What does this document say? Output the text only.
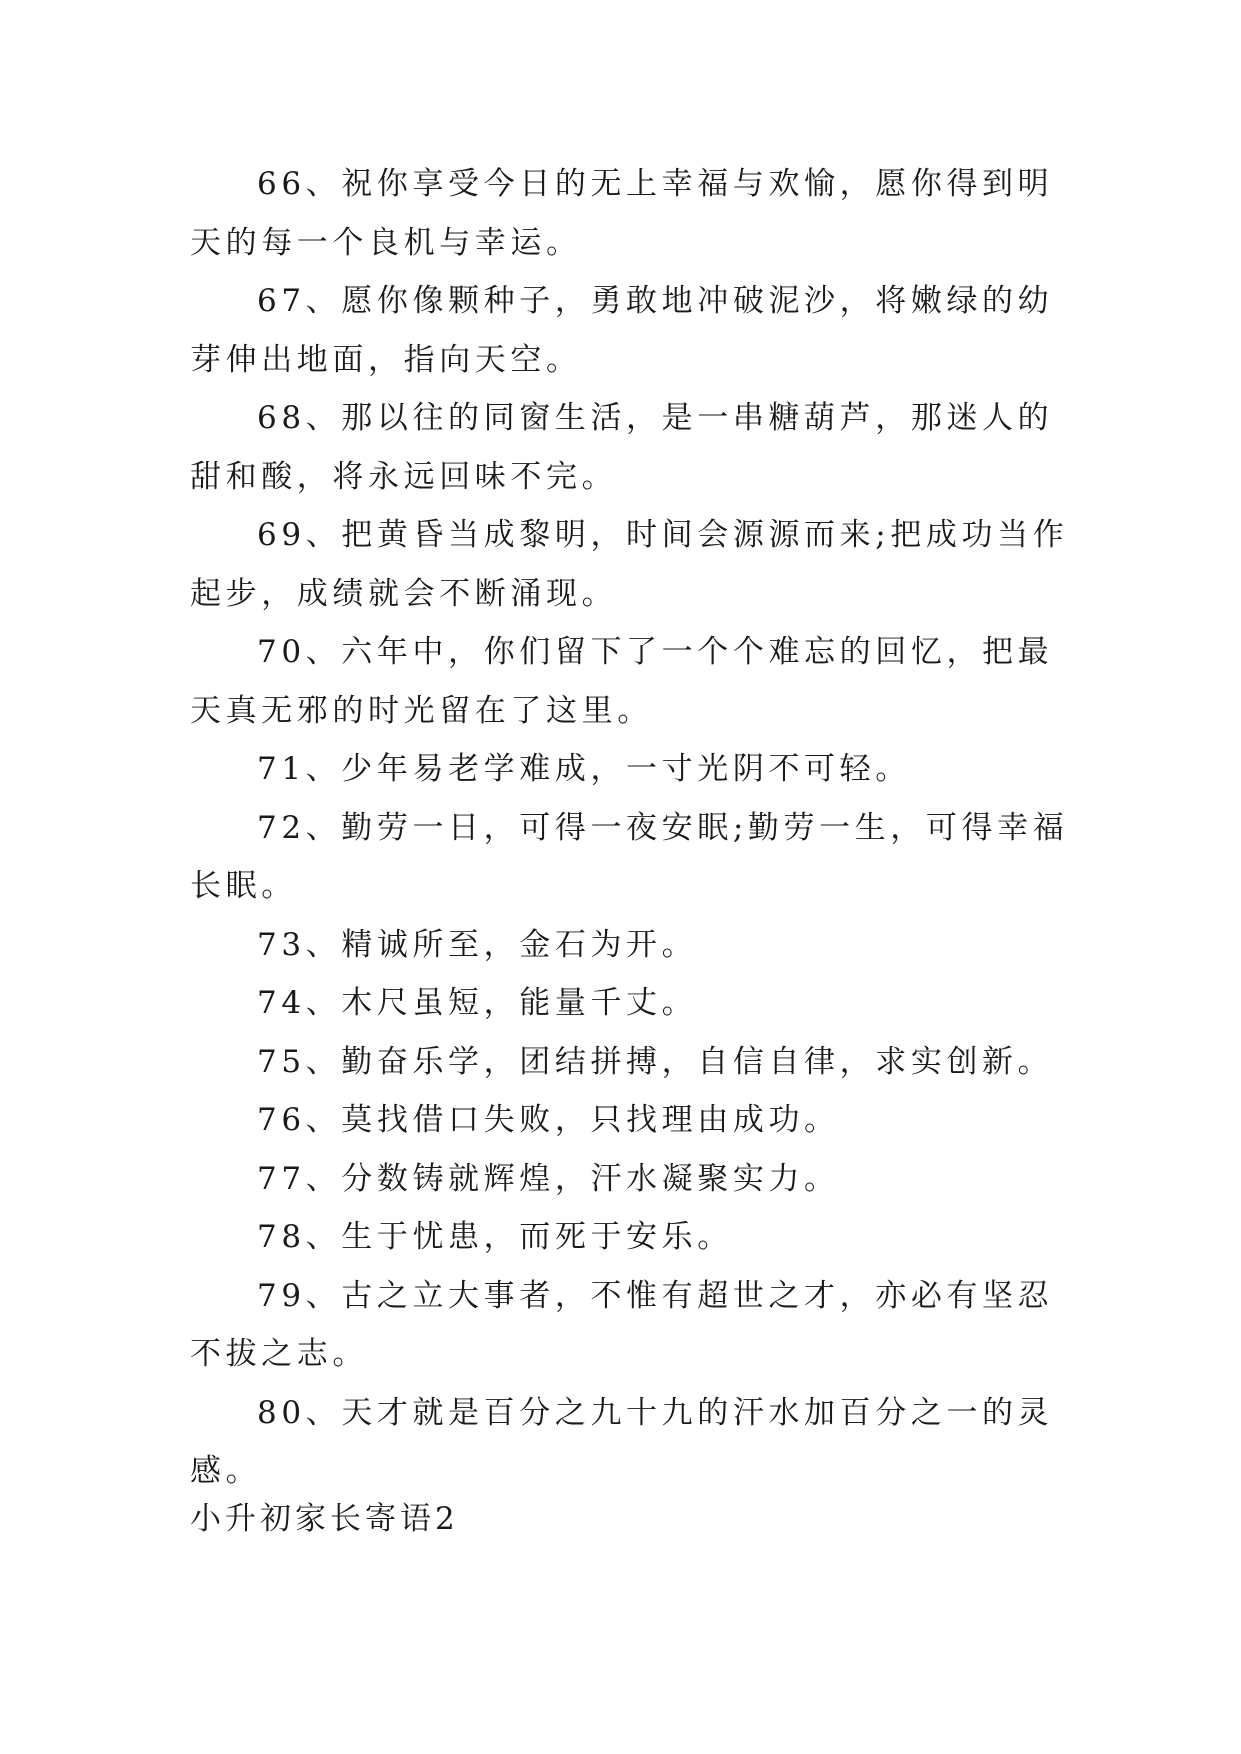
66、祝你享受今日的无上幸福与欢愉，愿你得到明天的每一个良机与幸运。

67、愿你像颗种子，勇敢地冲破泥沙，将嫩绿的幼芽伸出地面，指向天空。

68、那以往的同窗生活，是一串糖葫芦，那迷人的甜和酸，将永远回味不完。

69、把黄昏当成黎明，时间会源源而来;把成功当作起步，成绩就会不断涌现。

70、六年中，你们留下了一个个难忘的回忆，把最天真无邪的时光留在了这里。

71、少年易老学难成，一寸光阴不可轻。

72、勤劳一日，可得一夜安眠;勤劳一生，可得幸福长眠。

73、精诚所至，金石为开。

74、木尺虽短，能量千丈。

75、勤奋乐学，团结拼搏，自信自律，求实创新。

76、莫找借口失败，只找理由成功。

77、分数铸就辉煌，汗水凝聚实力。

78、生于忧患，而死于安乐。

79、古之立大事者，不惟有超世之才，亦必有坚忍不拔之志。

80、天才就是百分之九十九的汗水加百分之一的灵感。

小升初家长寄语2
